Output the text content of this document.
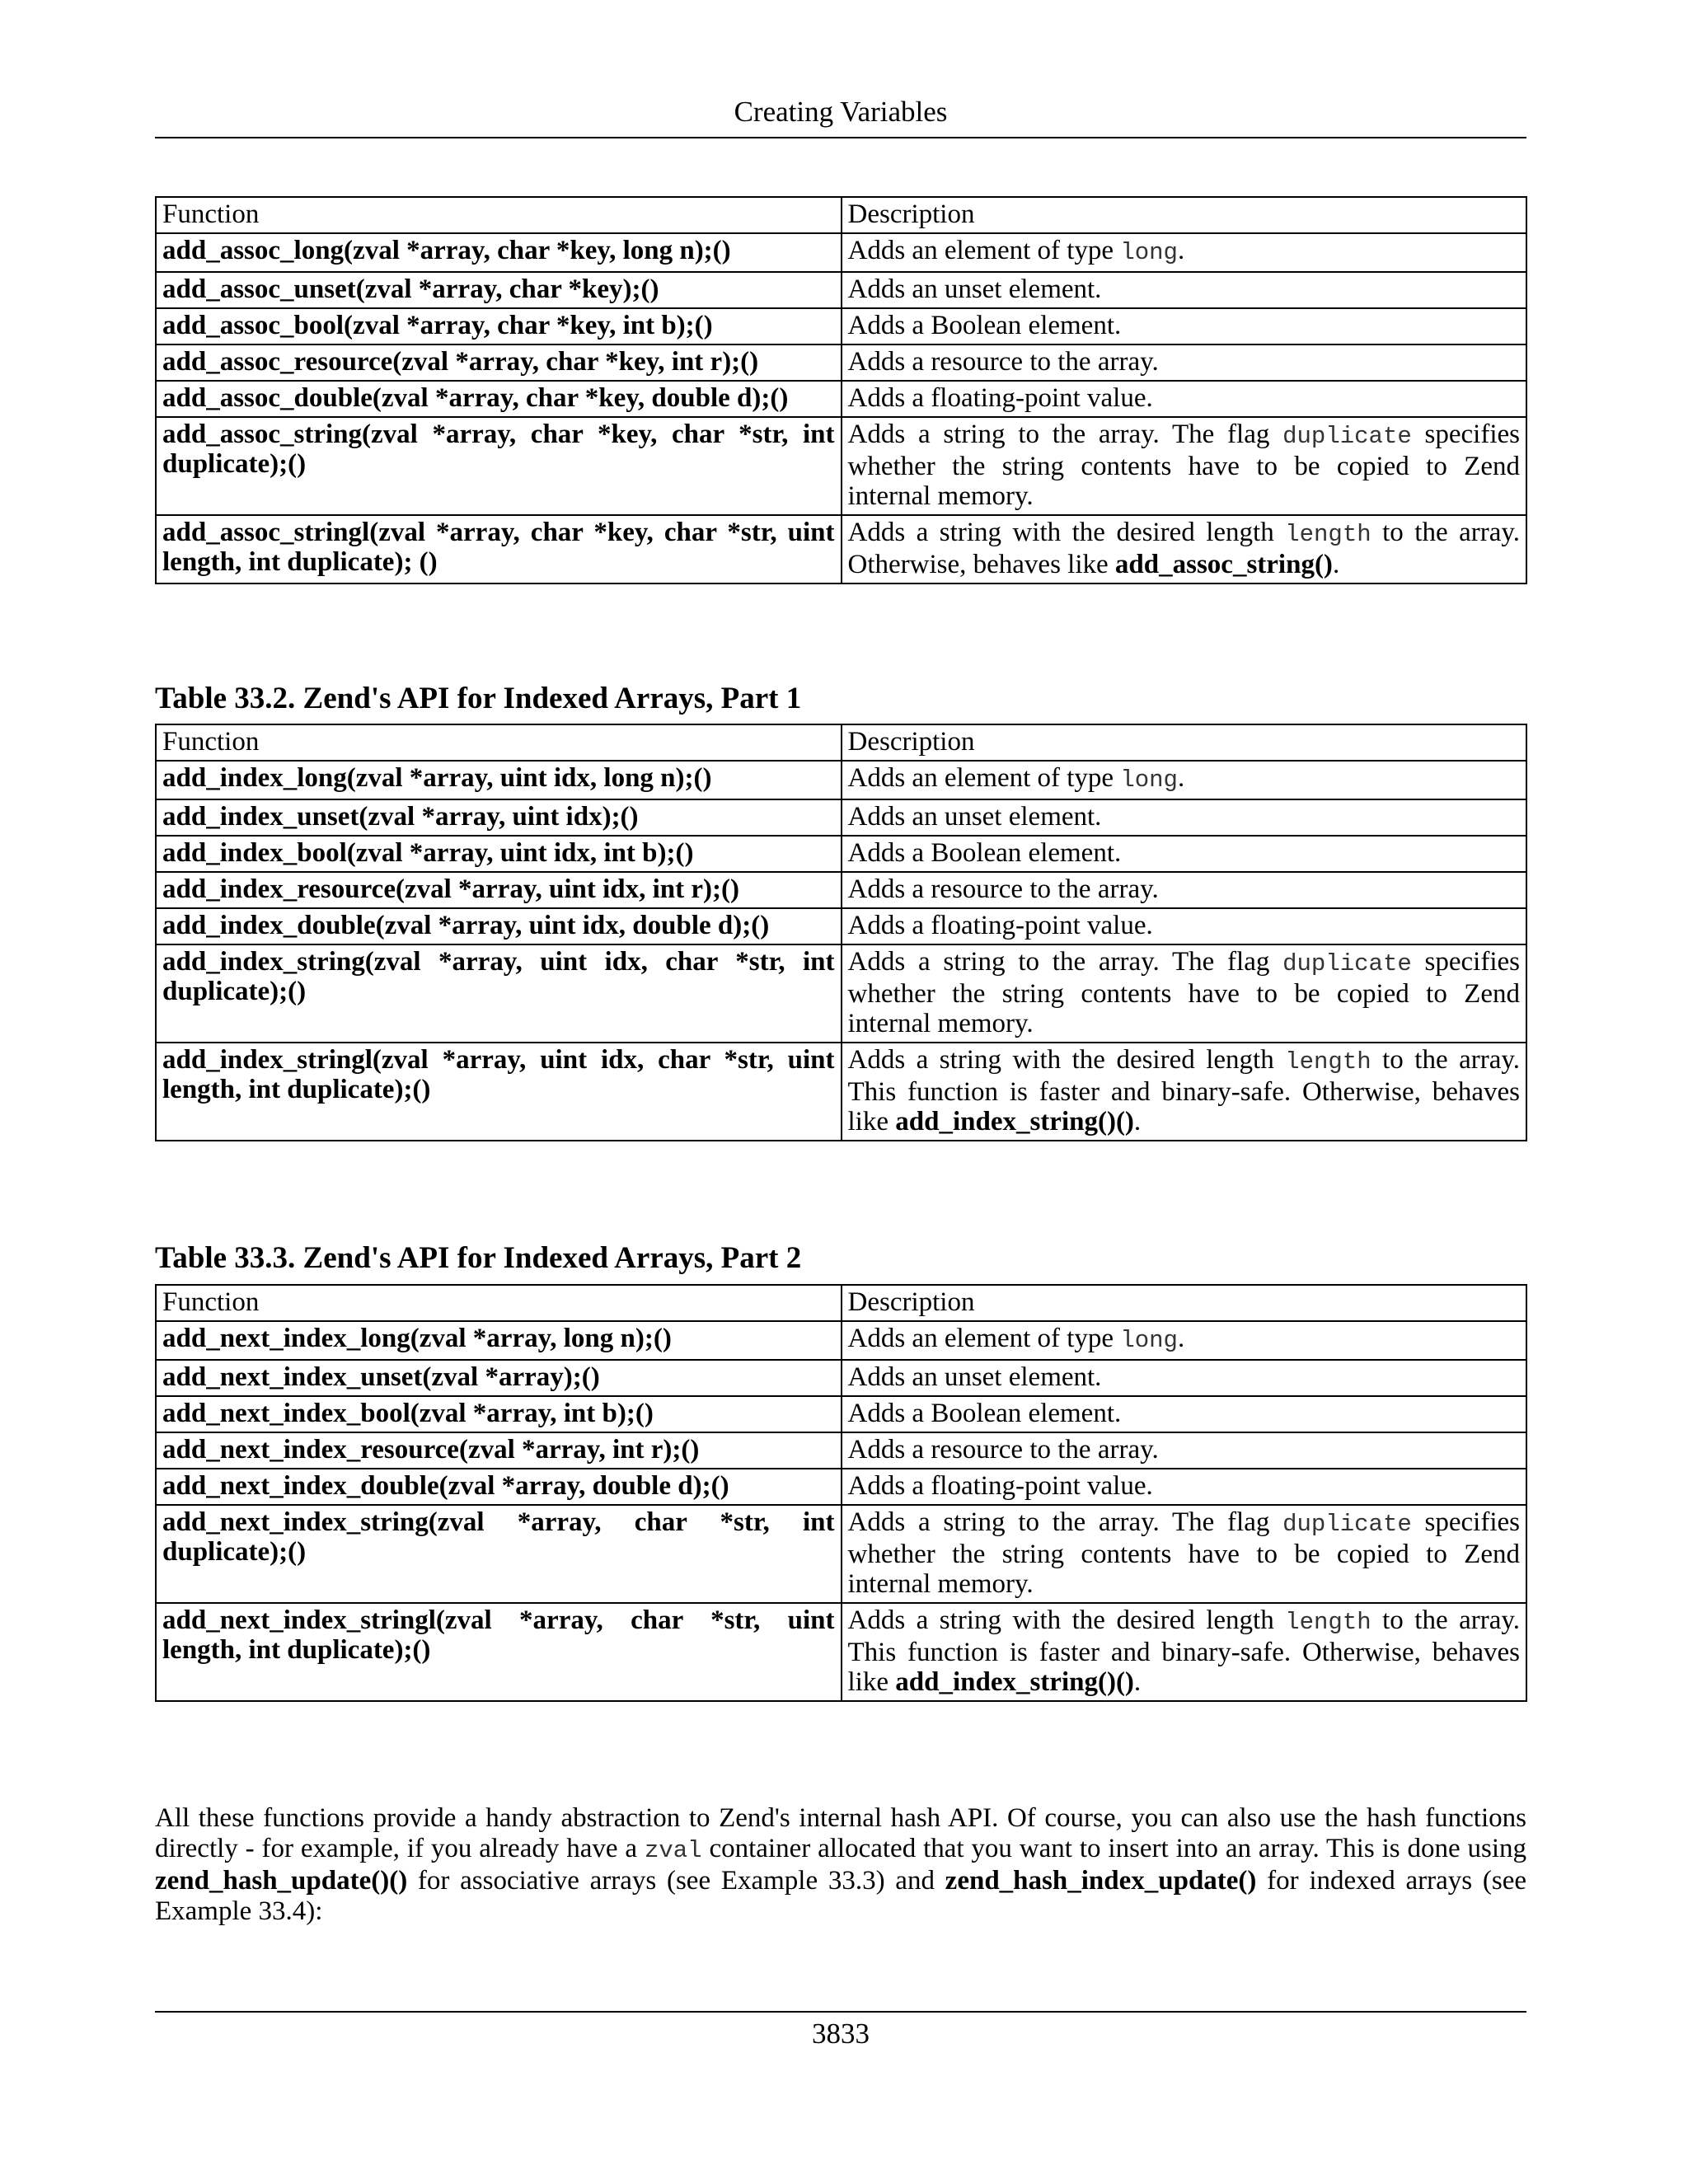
Creating Variables
Function	Description
add_assoc_long(zval *array, char *key, long n);()	Adds an element of type long.
add_assoc_unset(zval *array, char *key);()	Adds an unset element.
add_assoc_bool(zval *array, char *key, int b);()	Adds a Boolean element.
add_assoc_resource(zval *array, char *key, int r);()	Adds a resource to the array.
add_assoc_double(zval *array, char *key, double d);()	Adds a floating-point value.
add_assoc_string(zval *array, char *key, char *str, int duplicate);()	Adds a string to the array. The flag duplicate specifies whether the string contents have to be copied to Zend internal memory.
add_assoc_stringl(zval *array, char *key, char *str, uint length, int duplicate); ()	Adds a string with the desired length length to the array. Otherwise, behaves like add_assoc_string().
Table 33.2. Zend's API for Indexed Arrays, Part 1
Function	Description
add_index_long(zval *array, uint idx, long n);()	Adds an element of type long.
add_index_unset(zval *array, uint idx);()	Adds an unset element.
add_index_bool(zval *array, uint idx, int b);()	Adds a Boolean element.
add_index_resource(zval *array, uint idx, int r);()	Adds a resource to the array.
add_index_double(zval *array, uint idx, double d);()	Adds a floating-point value.
add_index_string(zval *array, uint idx, char *str, int duplicate);()	Adds a string to the array. The flag duplicate specifies whether the string contents have to be copied to Zend internal memory.
add_index_stringl(zval *array, uint idx, char *str, uint length, int duplicate);()	Adds a string with the desired length length to the array. This function is faster and binary-safe. Otherwise, behaves like add_index_string()().
Table 33.3. Zend's API for Indexed Arrays, Part 2
Function	Description
add_next_index_long(zval *array, long n);()	Adds an element of type long.
add_next_index_unset(zval *array);()	Adds an unset element.
add_next_index_bool(zval *array, int b);()	Adds a Boolean element.
add_next_index_resource(zval *array, int r);()	Adds a resource to the array.
add_next_index_double(zval *array, double d);()	Adds a floating-point value.
add_next_index_string(zval *array, char *str, int duplicate);()	Adds a string to the array. The flag duplicate specifies whether the string contents have to be copied to Zend internal memory.
add_next_index_stringl(zval *array, char *str, uint length, int duplicate);()	Adds a string with the desired length length to the array. This function is faster and binary-safe. Otherwise, behaves like add_index_string()().
All these functions provide a handy abstraction to Zend's internal hash API. Of course, you can also use the hash functions directly - for example, if you already have a zval container allocated that you want to insert into an array. This is done using zend_hash_update()() for associative arrays (see Example 33.3) and zend_hash_index_update() for indexed arrays (see Example 33.4):
3833
